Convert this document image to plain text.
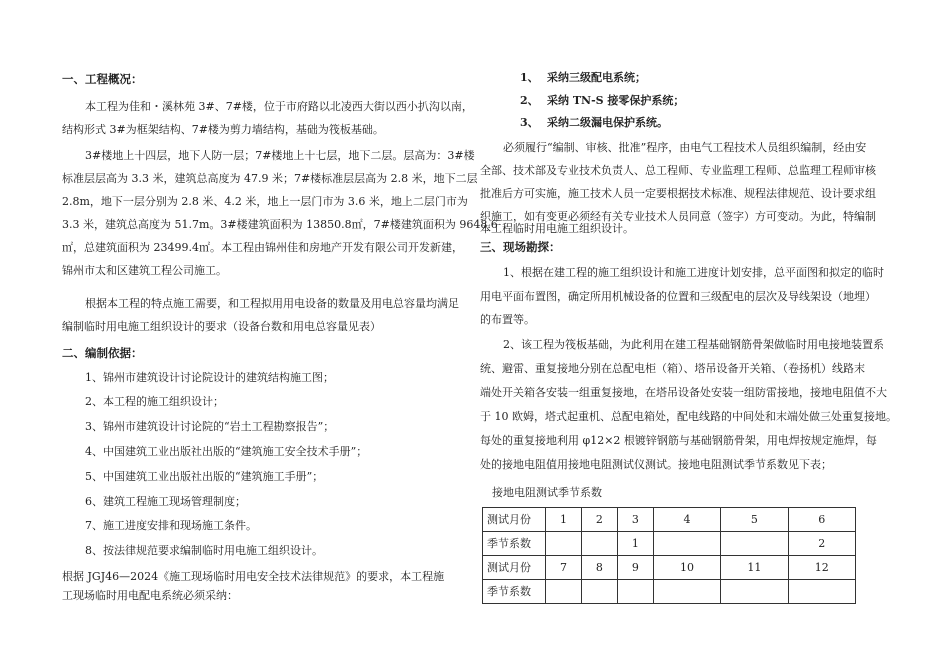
一、工程概况：
本工程为佳和・溪林苑 3#、7#楼，位于市府路以北凌西大街以西小扒沟以南，
结构形式 3#为框架结构、7#楼为剪力墙结构，基础为筏板基础。
3#楼地上十四层，地下人防一层；7#楼地上十七层，地下二层。层高为：3#楼
标准层层高为 3.3 米，建筑总高度为 47.9 米；7#楼标准层层高为 2.8 米，地下二层
2.8m，地下一层分别为 2.8 米、4.2 米，地上一层门市为 3.6 米，地上二层门市为
3.3 米，建筑总高度为 51.7m。3#楼建筑面积为 13850.8㎡，7#楼建筑面积为 9648.6
㎡，总建筑面积为 23499.4㎡。本工程由锦州佳和房地产开发有限公司开发新建，
锦州市太和区建筑工程公司施工。
根据本工程的特点施工需要，和工程拟用用电设备的数量及用电总容量均满足
编制临时用电施工组织设计的要求（设备台数和用电总容量见表）
二、编制依据：
1、锦州市建筑设计讨论院设计的建筑结构施工图；
2、本工程的施工组织设计；
3、锦州市建筑设计讨论院的“岩土工程勘察报告”；
4、中国建筑工业出版社出版的“建筑施工安全技术手册”；
5、中国建筑工业出版社出版的“建筑施工手册”；
6、建筑工程施工现场管理制度；
7、施工进度安排和现场施工条件。
8、按法律规范要求编制临时用电施工组织设计。
根据 JGJ46—2024《施工现场临时用电安全技术法律规范》的要求，本工程施
工现场临时用电配电系统必须采纳：
1、 采纳三级配电系统；
2、 采纳 TN-S 接零保护系统；
3、 采纳二级漏电保护系统。
必须履行“编制、审核、批准”程序，由电气工程技术人员组织编制，经由安
全部、技术部及专业技术负责人、总工程师、专业监理工程师、总监理工程师审核
批准后方可实施，施工技术人员一定要根据技术标准、规程法律规范、设计要求组
织施工，如有变更必须经有关专业技术人员同意（签字）方可变动。为此，特编制
本工程临时用电施工组织设计。
三、现场勘探：
1、根据在建工程的施工组织设计和施工进度计划安排，总平面图和拟定的临时
用电平面布置图，确定所用机械设备的位置和三级配电的层次及导线架设（地埋）
的布置等。
2、该工程为筏板基础，为此利用在建工程基础钢筋骨架做临时用电接地装置系
统、避雷、重复接地分别在总配电柜（箱）、塔吊设备开关箱、（卷扬机）线路末
端处开关箱各安装一组重复接地，在塔吊设备处安装一组防雷接地，接地电阻值不大
于 10 欧姆，塔式起重机、总配电箱处，配电线路的中间处和末端处做三处重复接地。
每处的重复接地利用 φ12×2 根镀锌钢筋与基础钢筋骨架，用电焊按规定施焊，每
处的接地电阻值用接地电阻测试仪测试。接地电阻测试季节系数见下表；
接地电阻测试季节系数
测试月份	1	2	3	4	5	6
季节系数			1			2
测试月份	7	8	9	10	11	12
季节系数						
